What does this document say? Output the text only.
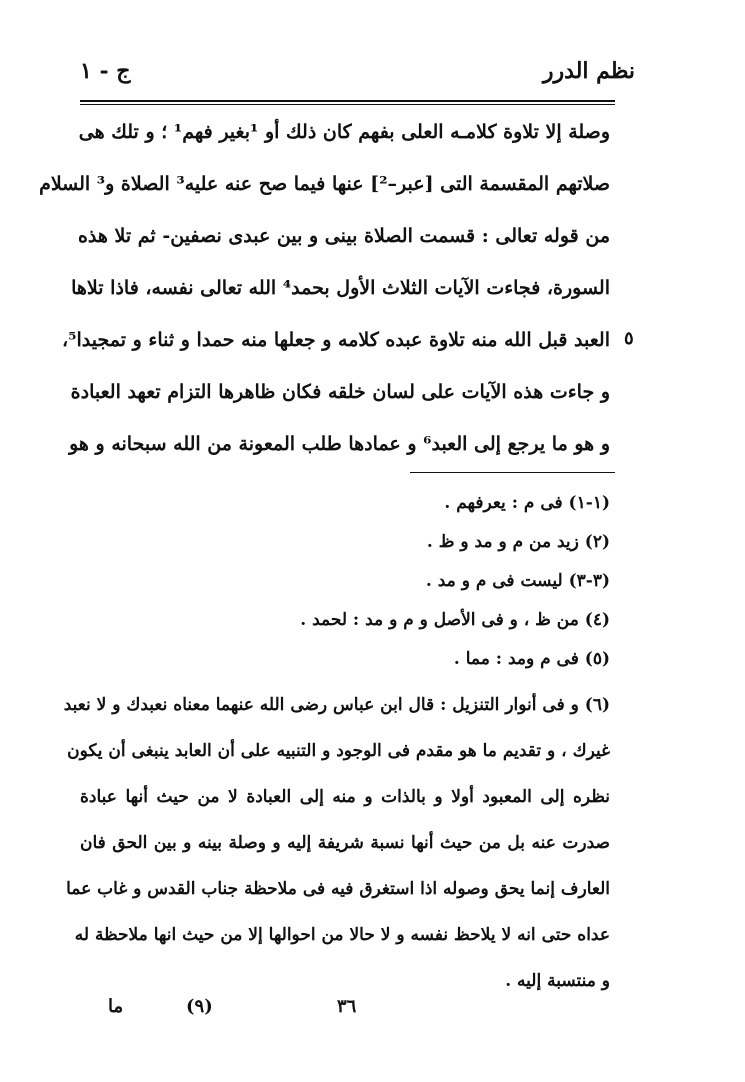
نظم الدرر
ج - ١
وصلة إلا تلاوة كلامـه العلى بفهم كان ذلك أو ¹بغير فهم¹ ؛ و تلك هى
صلاتهم المقسمة التى [عبر–²] عنها فيما صح عنه عليه³ الصلاة و³ السلام
من قوله تعالى : قسمت الصلاة بينى و بين عبدى نصفين- ثم تلا هذه
السورة، فجاءت الآيات الثلاث الأول بحمد⁴ الله تعالى نفسه، فاذا تلاها
العبد قبل الله منه تلاوة عبده كلامه و جعلها منه حمدا و ثناء و تمجيدا⁵،
و جاءت هذه الآيات على لسان خلقه فكان ظاهرها التزام تعهد العبادة
و هو ما يرجع إلى العبد⁶ و عمادها طلب المعونة من الله سبحانه و هو
٥
(١-١) فى م : يعرفهم .
(٢) زيد من م و مد و ظ .
(٣-٣) ليست فى م و مد .
(٤) من ظ ، و فى الأصل و م و مد : لحمد .
(٥) فى م ومد : مما .
(٦) و فى أنوار التنزيل : قال ابن عباس رضى الله عنهما معناه نعبدك و لا نعبد
غيرك ، و تقديم ما هو مقدم فى الوجود و التنبيه على أن العابد ينبغى أن يكون
نظره إلى المعبود أولا و بالذات و منه إلى العبادة لا من حيث أنها عبادة
صدرت عنه بل من حيث أنها نسبة شريفة إليه و وصلة بينه و بين الحق فان
العارف إنما يحق وصوله اذا استغرق فيه فى ملاحظة جناب القدس و غاب عما
عداه حتى انه لا يلاحظ نفسه و لا حالا من احوالها إلا من حيث انها ملاحظة له
و منتسبة إليه .
٣٦
(٩)
ما
